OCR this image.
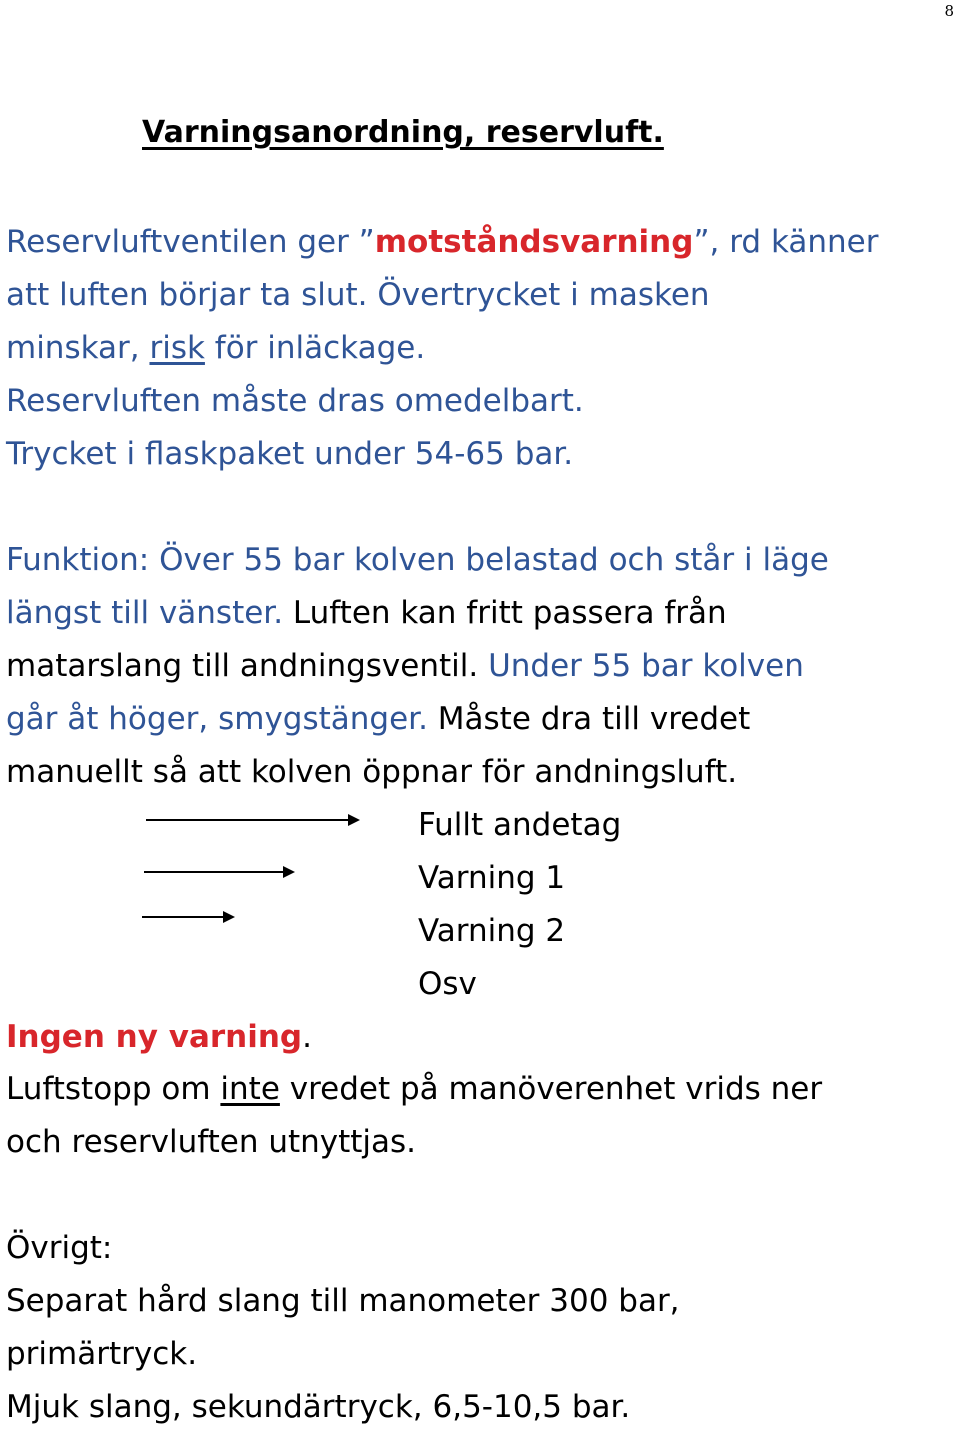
8
Varningsanordning, reservluft.
Reservluftventilen ger ”motståndsvarning”, rd känner
att luften börjar ta slut. Övertrycket i masken
minskar, risk för inläckage.
Reservluften måste dras omedelbart.
Trycket i flaskpaket under 54-65 bar.
Funktion: Över 55 bar kolven belastad och står i läge
längst till vänster. Luften kan fritt passera från
matarslang till andningsventil. Under 55 bar kolven
går åt höger, smygstänger. Måste dra till vredet
manuellt så att kolven öppnar för andningsluft.
Fullt andetag
Varning 1
Varning 2
Osv
Ingen ny varning.
Luftstopp om inte vredet på manöverenhet vrids ner
och reservluften utnyttjas.
Övrigt:
Separat hård slang till manometer 300 bar,
primärtryck.
Mjuk slang, sekundärtryck, 6,5-10,5 bar.
